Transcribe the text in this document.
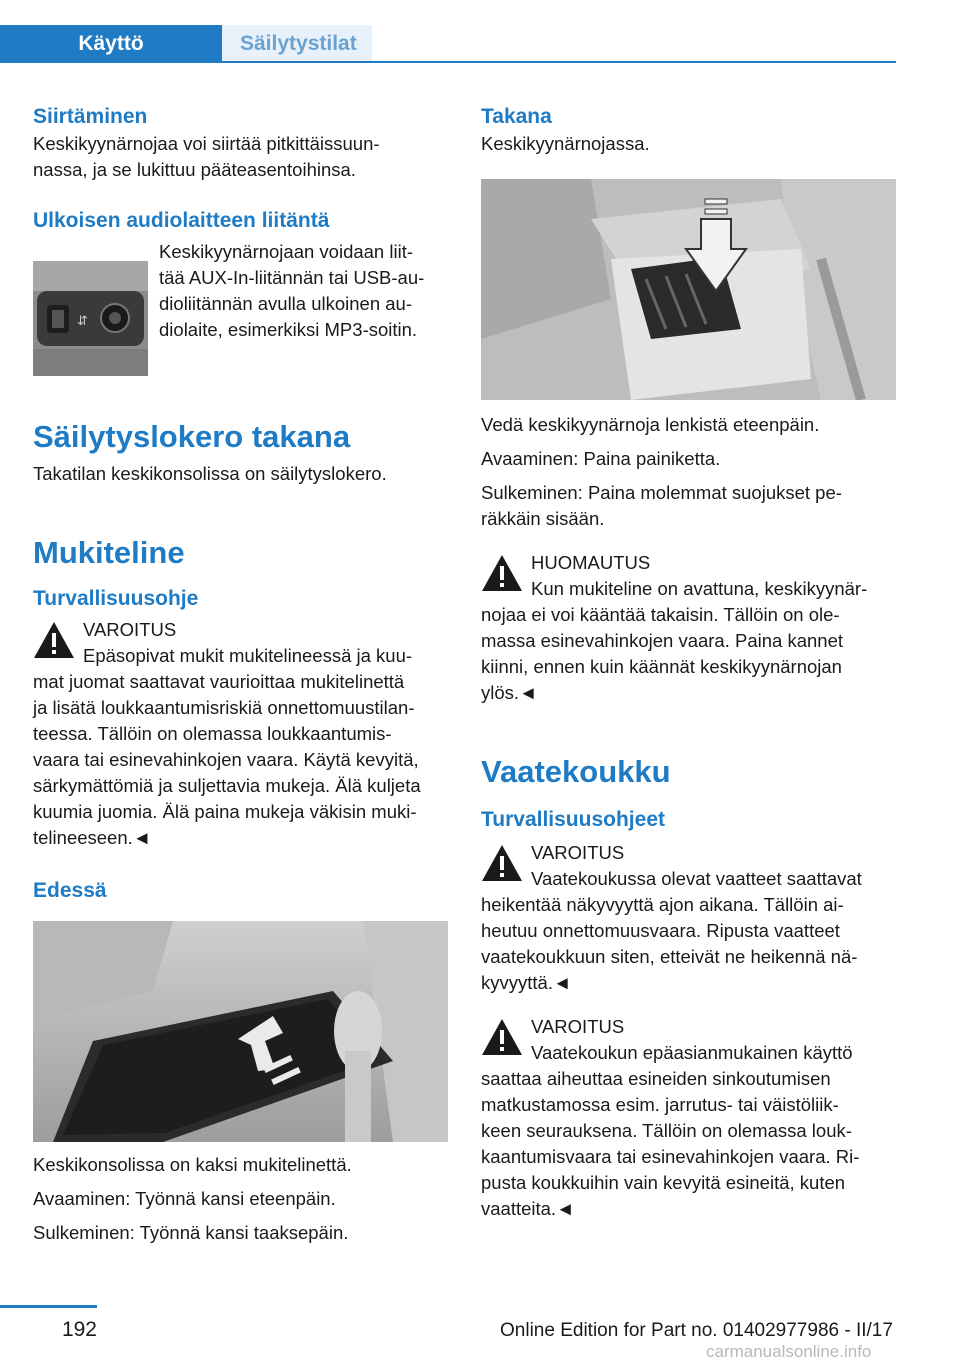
Käyttö	Säilytystilat

Siirtäminen

Keskikyynärnojaa voi siirtää pitkittäissuun-

nassa, ja se lukittuu pääteasentoihinsa.

Ulkoisen audiolaitteen liitäntä

⇵

Keskikyynärnojaan voidaan liit-

tää AUX-In-liitännän tai USB-au-

dioliitännän avulla ulkoinen au-

diolaite, esimerkiksi MP3-soitin.

Säilytyslokero takana

Takatilan keskikonsolissa on säilytyslokero.

Mukiteline

Turvallisuusohje

VAROITUS

Epäsopivat mukit mukitelineessä ja kuu-

mat juomat saattavat vaurioittaa mukitelinettä

ja lisätä loukkaantumisriskiä onnettomuustilan-

teessa. Tällöin on olemassa loukkaantumis-

vaara tai esinevahinkojen vaara. Käytä kevyitä,

särkymättömiä ja suljettavia mukeja. Älä kuljeta

kuumia juomia. Älä paina mukeja väkisin muki-

telineeseen.◄

Edessä

Keskikonsolissa on kaksi mukitelinettä.

Avaaminen: Työnnä kansi eteenpäin.

Sulkeminen: Työnnä kansi taaksepäin.

Takana

Keskikyynärnojassa.

Vedä keskikyynärnoja lenkistä eteenpäin.

Avaaminen: Paina painiketta.

Sulkeminen: Paina molemmat suojukset pe-

räkkäin sisään.

HUOMAUTUS

Kun mukiteline on avattuna, keskikyynär-

nojaa ei voi kääntää takaisin. Tällöin on ole-

massa esinevahinkojen vaara. Paina kannet

kiinni, ennen kuin käännät keskikyynärnojan

ylös.◄

Vaatekoukku

Turvallisuusohjeet

VAROITUS

Vaatekoukussa olevat vaatteet saattavat

heikentää näkyvyyttä ajon aikana. Tällöin ai-

heutuu onnettomuusvaara. Ripusta vaatteet

vaatekoukkuun siten, etteivät ne heikennä nä-

kyvyyttä.◄

VAROITUS

Vaatekoukun epäasianmukainen käyttö

saattaa aiheuttaa esineiden sinkoutumisen

matkustamossa esim. jarrutus- tai väistöliik-

keen seurauksena. Tällöin on olemassa louk-

kaantumisvaara tai esinevahinkojen vaara. Ri-

pusta koukkuihin vain kevyitä esineitä, kuten

vaatteita.◄

192	Online Edition for Part no. 01402977986 - II/17
carmanualsonline.info
